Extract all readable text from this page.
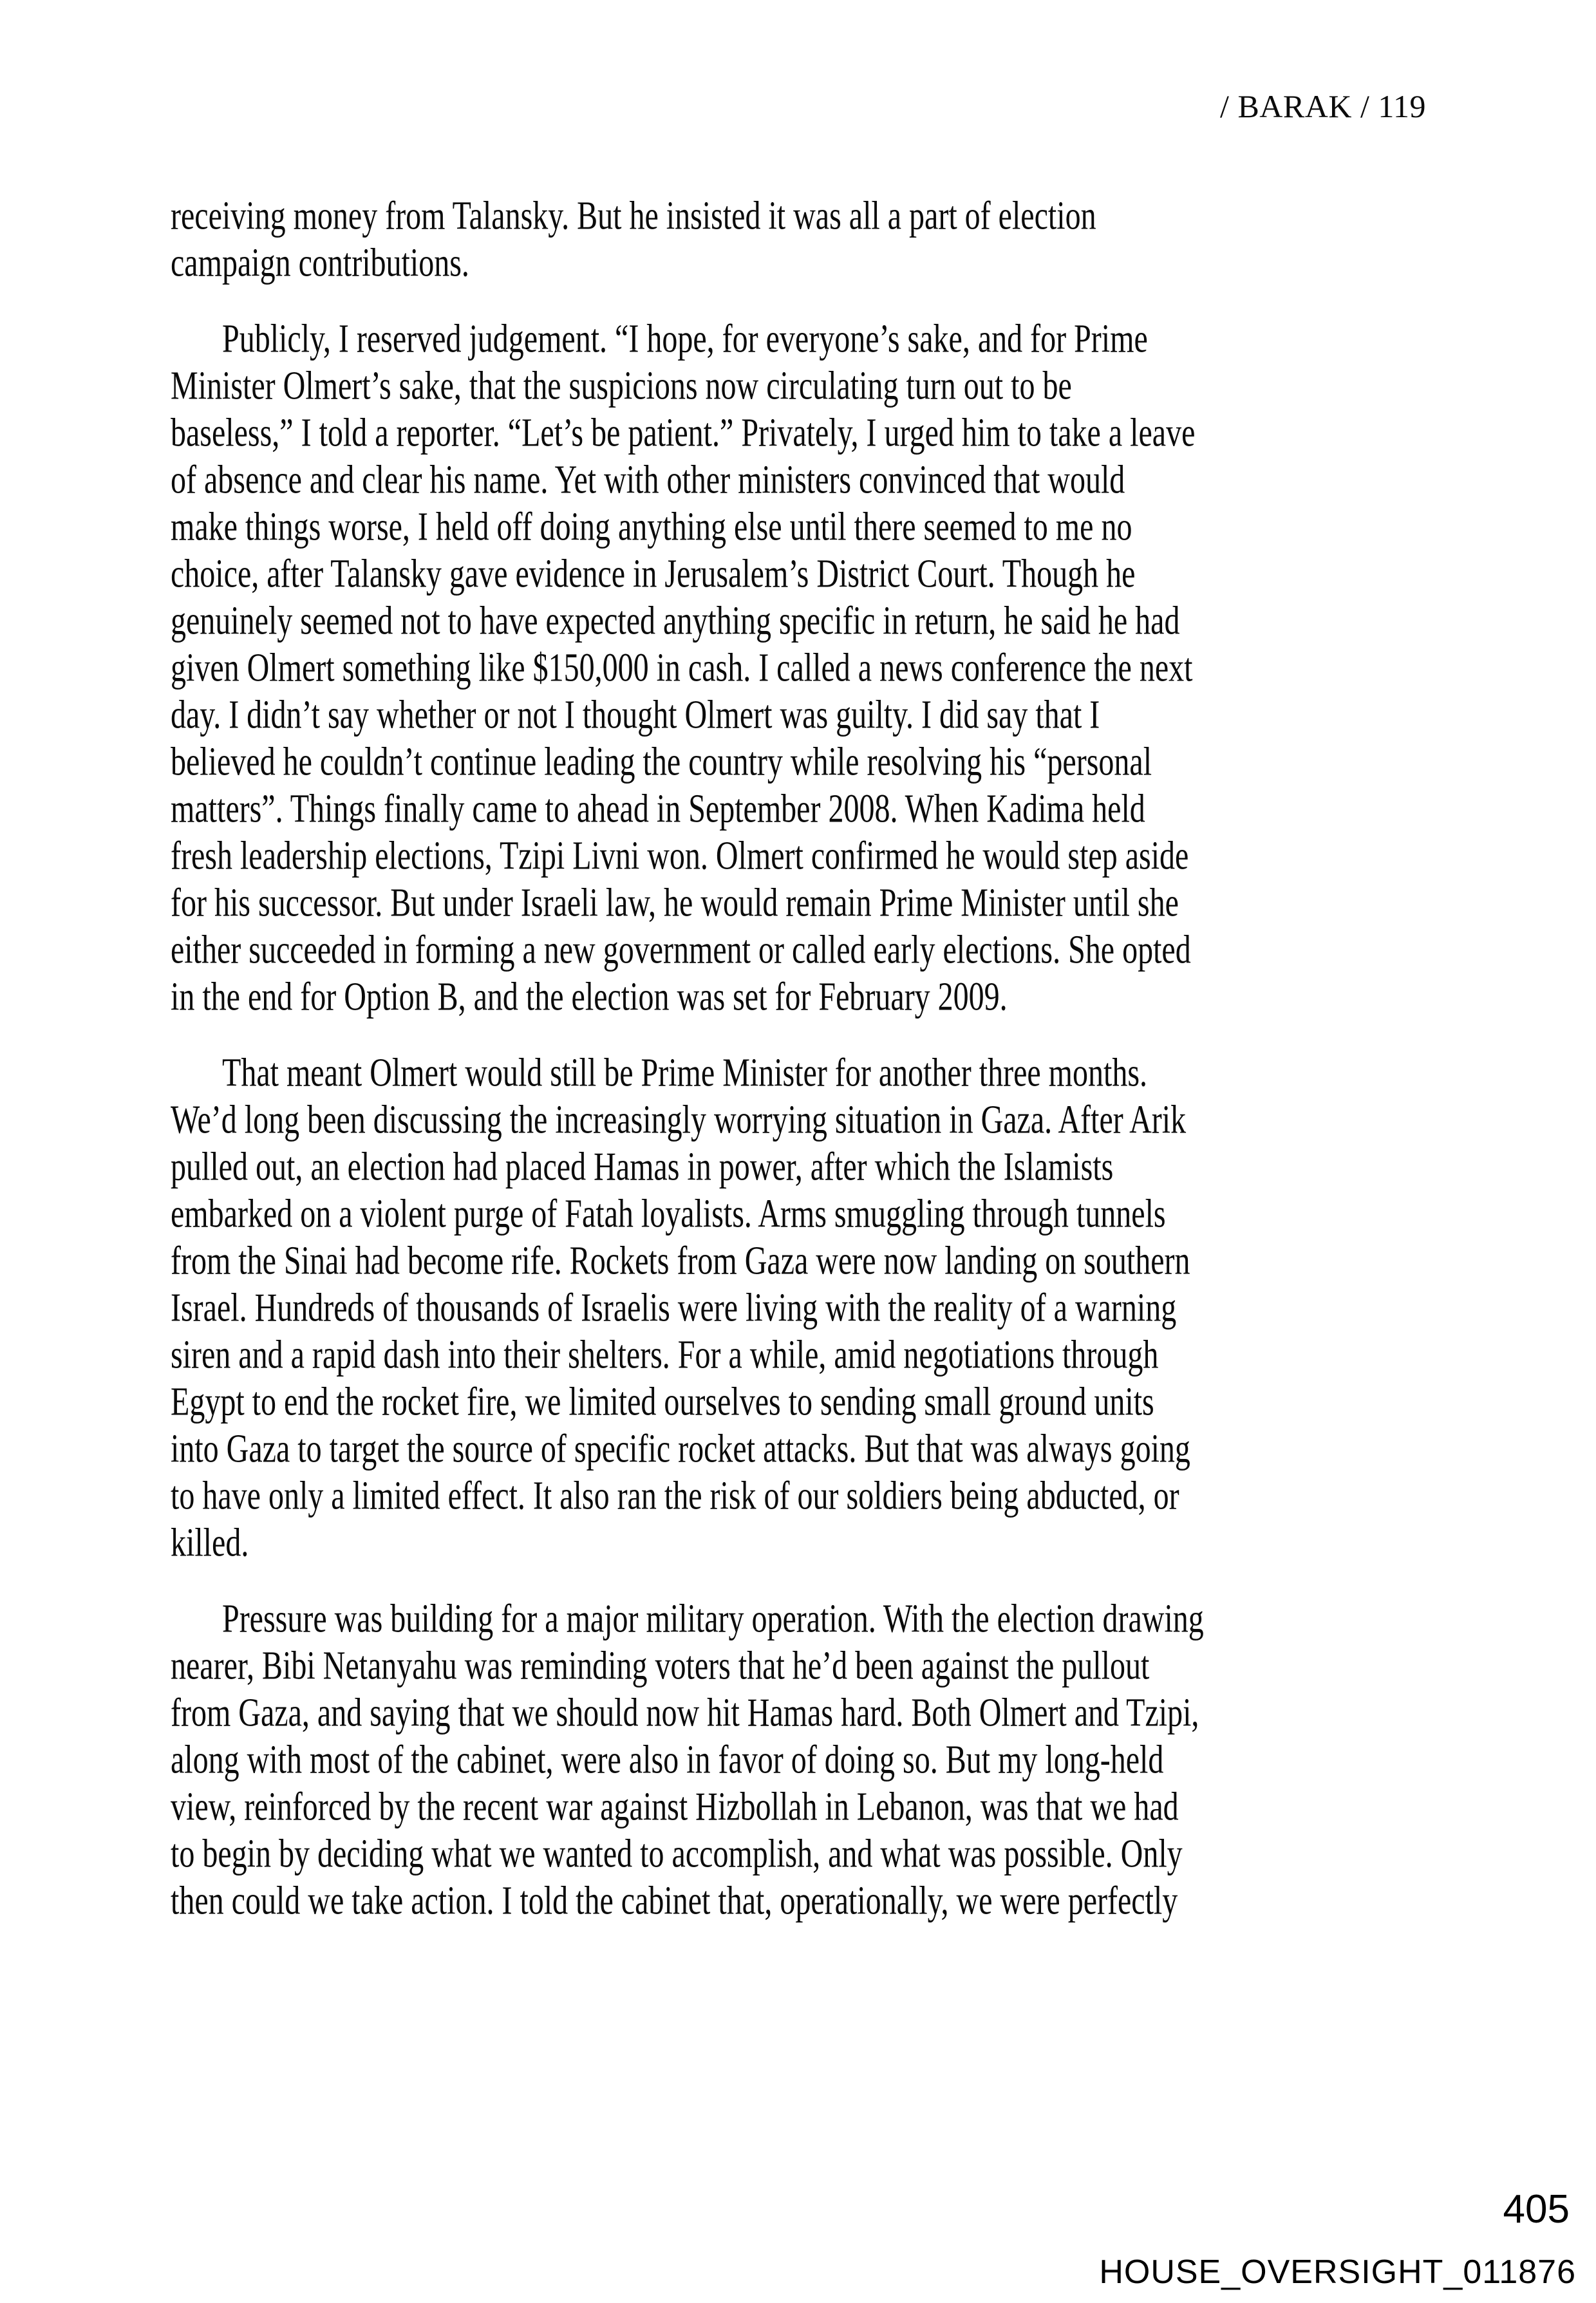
/ BARAK / 119
receiving money from Talansky. But he insisted it was all a part of election
campaign contributions.
Publicly, I reserved judgement. “I hope, for everyone’s sake, and for Prime
Minister Olmert’s sake, that the suspicions now circulating turn out to be
baseless,” I told a reporter. “Let’s be patient.” Privately, I urged him to take a leave
of absence and clear his name. Yet with other ministers convinced that would
make things worse, I held off doing anything else until there seemed to me no
choice, after Talansky gave evidence in Jerusalem’s District Court. Though he
genuinely seemed not to have expected anything specific in return, he said he had
given Olmert something like $150,000 in cash. I called a news conference the next
day. I didn’t say whether or not I thought Olmert was guilty. I did say that I
believed he couldn’t continue leading the country while resolving his “personal
matters”. Things finally came to ahead in September 2008. When Kadima held
fresh leadership elections, Tzipi Livni won. Olmert confirmed he would step aside
for his successor. But under Israeli law, he would remain Prime Minister until she
either succeeded in forming a new government or called early elections. She opted
in the end for Option B, and the election was set for February 2009.
That meant Olmert would still be Prime Minister for another three months.
We’d long been discussing the increasingly worrying situation in Gaza. After Arik
pulled out, an election had placed Hamas in power, after which the Islamists
embarked on a violent purge of Fatah loyalists. Arms smuggling through tunnels
from the Sinai had become rife. Rockets from Gaza were now landing on southern
Israel. Hundreds of thousands of Israelis were living with the reality of a warning
siren and a rapid dash into their shelters. For a while, amid negotiations through
Egypt to end the rocket fire, we limited ourselves to sending small ground units
into Gaza to target the source of specific rocket attacks. But that was always going
to have only a limited effect. It also ran the risk of our soldiers being abducted, or
killed.
Pressure was building for a major military operation. With the election drawing
nearer, Bibi Netanyahu was reminding voters that he’d been against the pullout
from Gaza, and saying that we should now hit Hamas hard. Both Olmert and Tzipi,
along with most of the cabinet, were also in favor of doing so. But my long-held
view, reinforced by the recent war against Hizbollah in Lebanon, was that we had
to begin by deciding what we wanted to accomplish, and what was possible. Only
then could we take action. I told the cabinet that, operationally, we were perfectly
405
HOUSE_OVERSIGHT_011876
